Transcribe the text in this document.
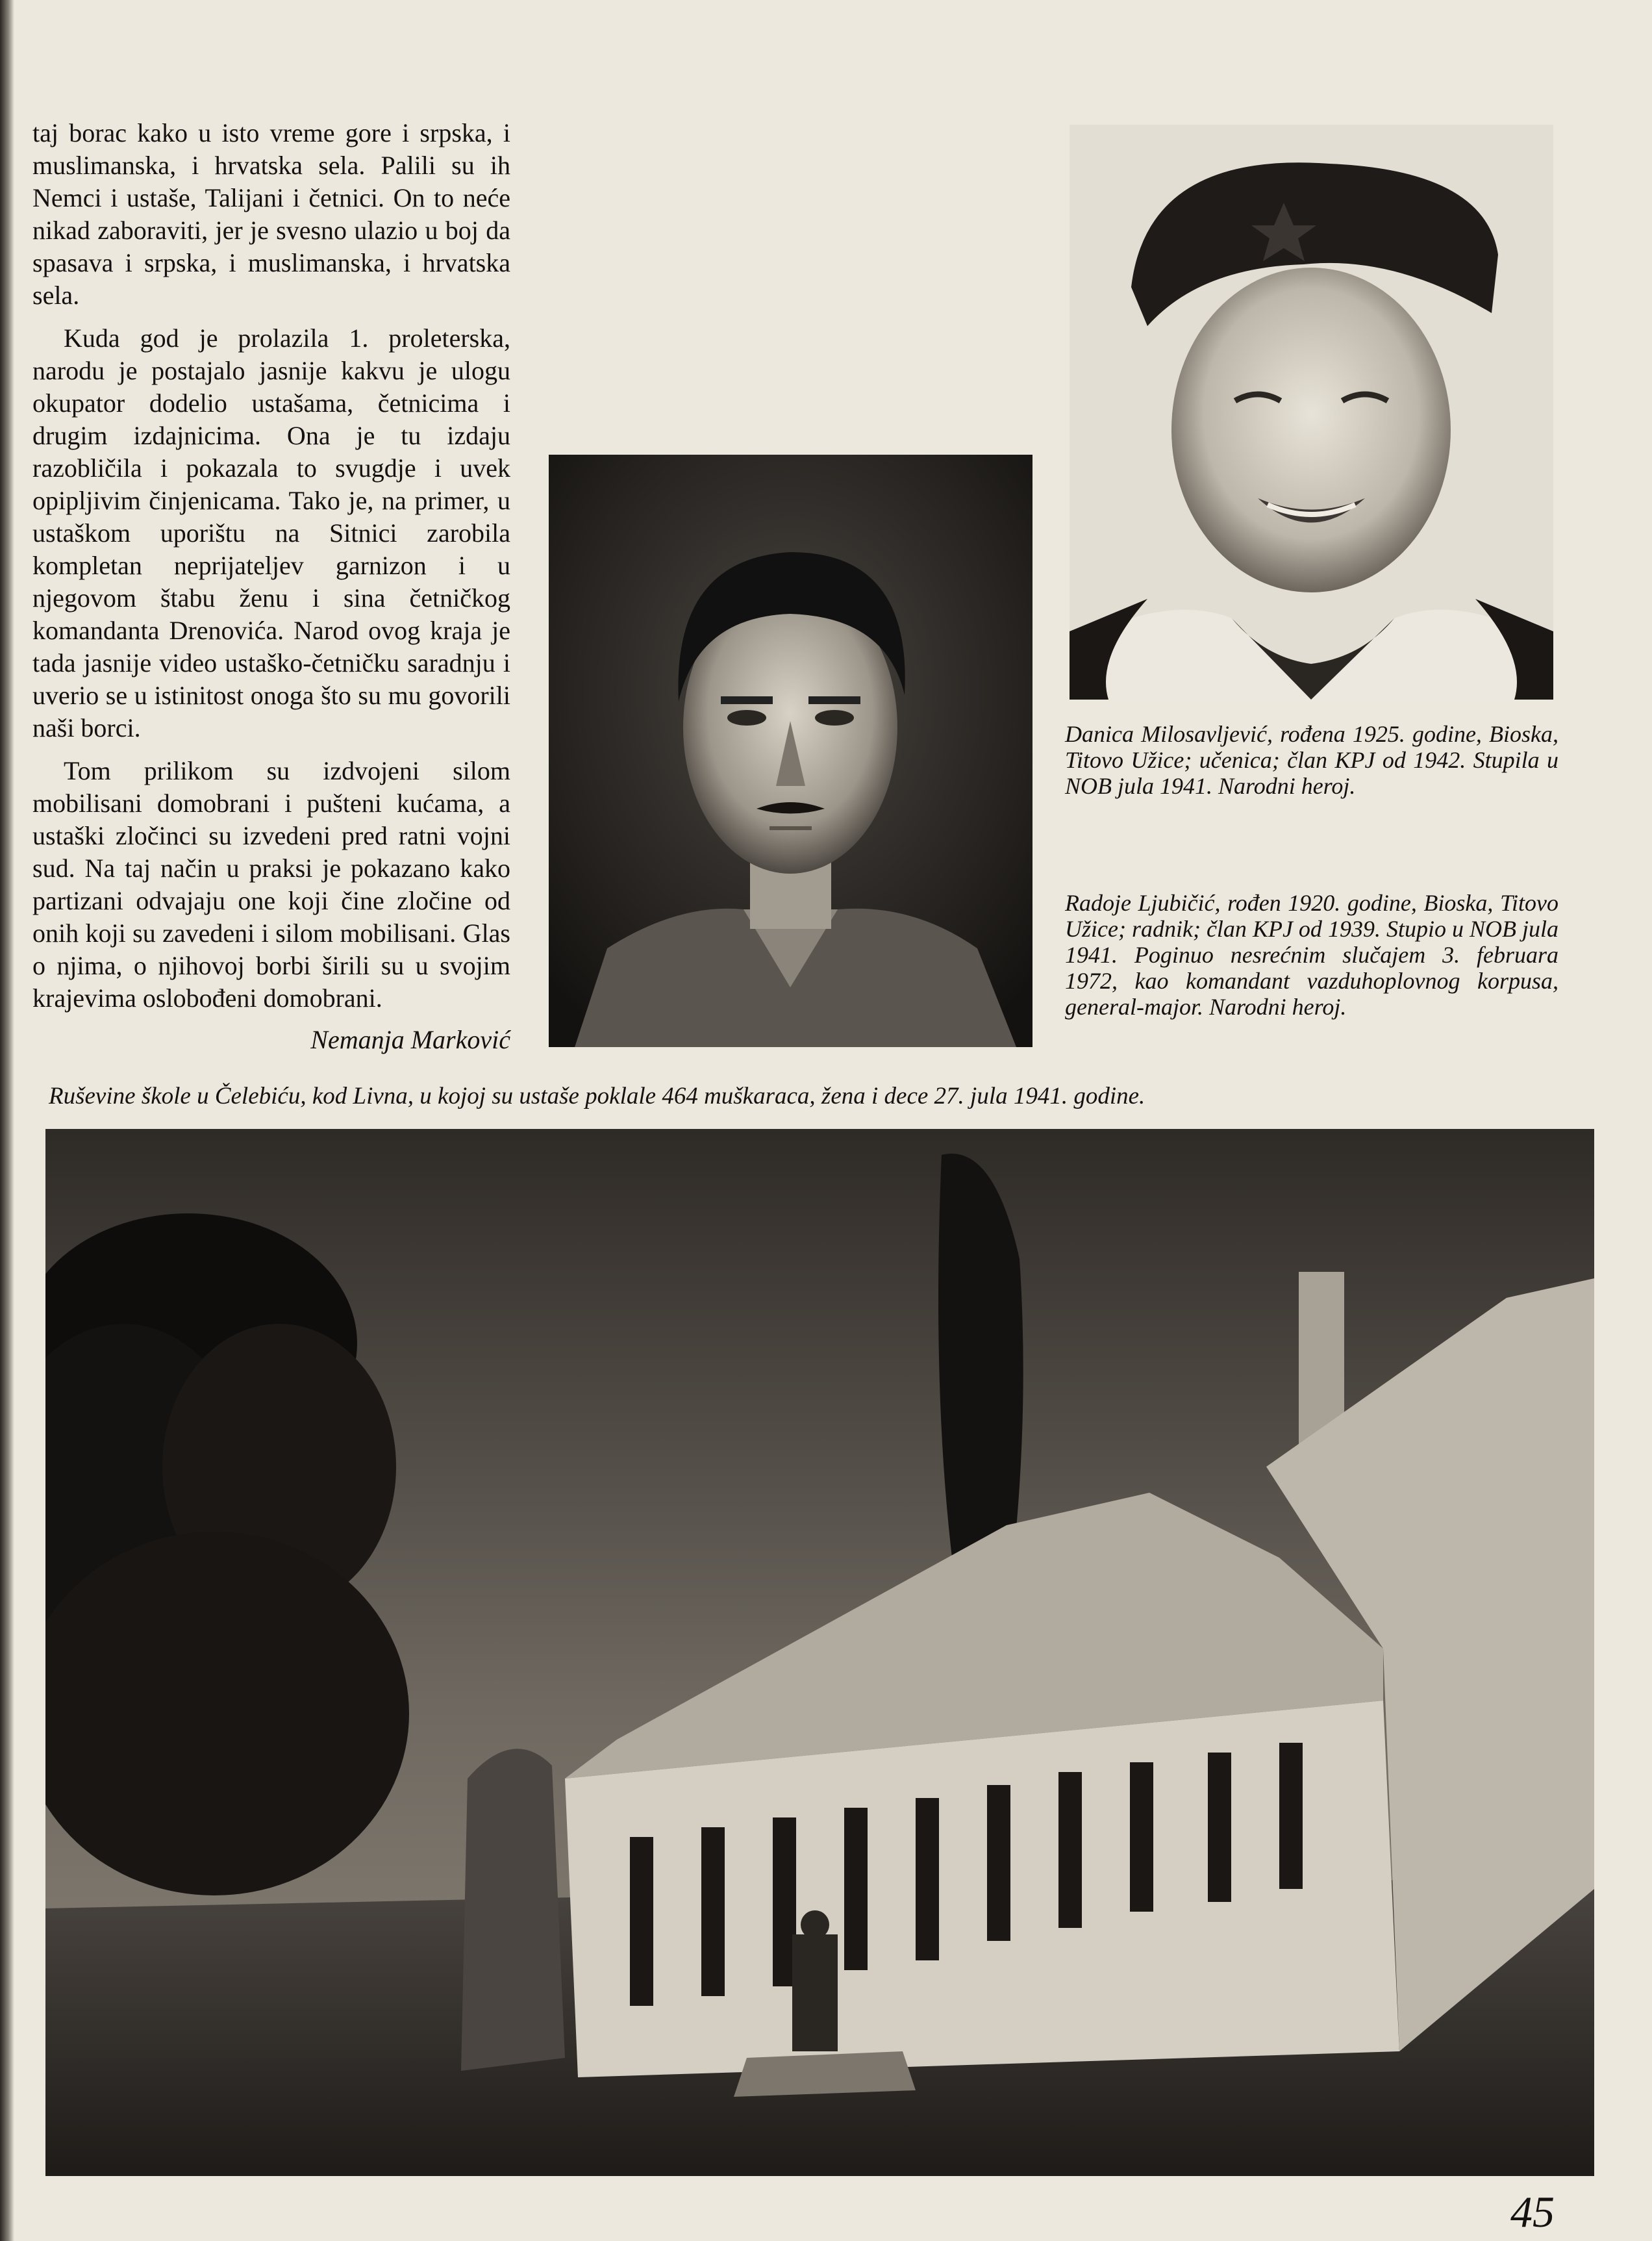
taj borac kako u isto vreme gore i srpska, i muslimanska, i hrvatska sela. Palili su ih Nemci i ustaše, Talijani i četnici. On to neće nikad zaboraviti, jer je svesno ulazio u boj da spasava i srpska, i muslimanska, i hrvatska sela.

Kuda god je prolazila 1. proleterska, narodu je postajalo jasnije kakvu je ulogu okupator dodelio ustašama, četnicima i drugim izdajnicima. Ona je tu izdaju razobličila i pokazala to svugdje i uvek opipljivim činjenicama. Tako je, na primer, u ustaškom uporištu na Sitnici zarobila kompletan neprijateljev garnizon i u njegovom štabu ženu i sina četničkog komandanta Drenovića. Narod ovog kraja je tada jasnije video ustaško-četničku saradnju i uverio se u istinitost onoga što su mu govorili naši borci.

Tom prilikom su izdvojeni silom mobilisani domobrani i pušteni kućama, a ustaški zločinci su izvedeni pred ratni vojni sud. Na taj način u praksi je pokazano kako partizani odvajaju one koji čine zločine od onih koji su zavedeni i silom mobilisani. Glas o njima, o njihovoj borbi širili su u svojim krajevima oslobođeni domobrani.

Nemanja Marković

Danica Milosavljević, rođena 1925. godine, Bioska, Titovo Užice; učenica; član KPJ od 1942. Stupila u NOB jula 1941. Narodni heroj.
Radoje Ljubičić, rođen 1920. godine, Bioska, Titovo Užice; radnik; član KPJ od 1939. Stupio u NOB jula 1941. Poginuo nesrećnim slučajem 3. februara 1972, kao komandant vazduhoplovnog korpusa, general-major. Narodni heroj.
Ruševine škole u Čelebiću, kod Livna, u kojoj su ustaše poklale 464 muškaraca, žena i dece 27. jula 1941. godine.
45
